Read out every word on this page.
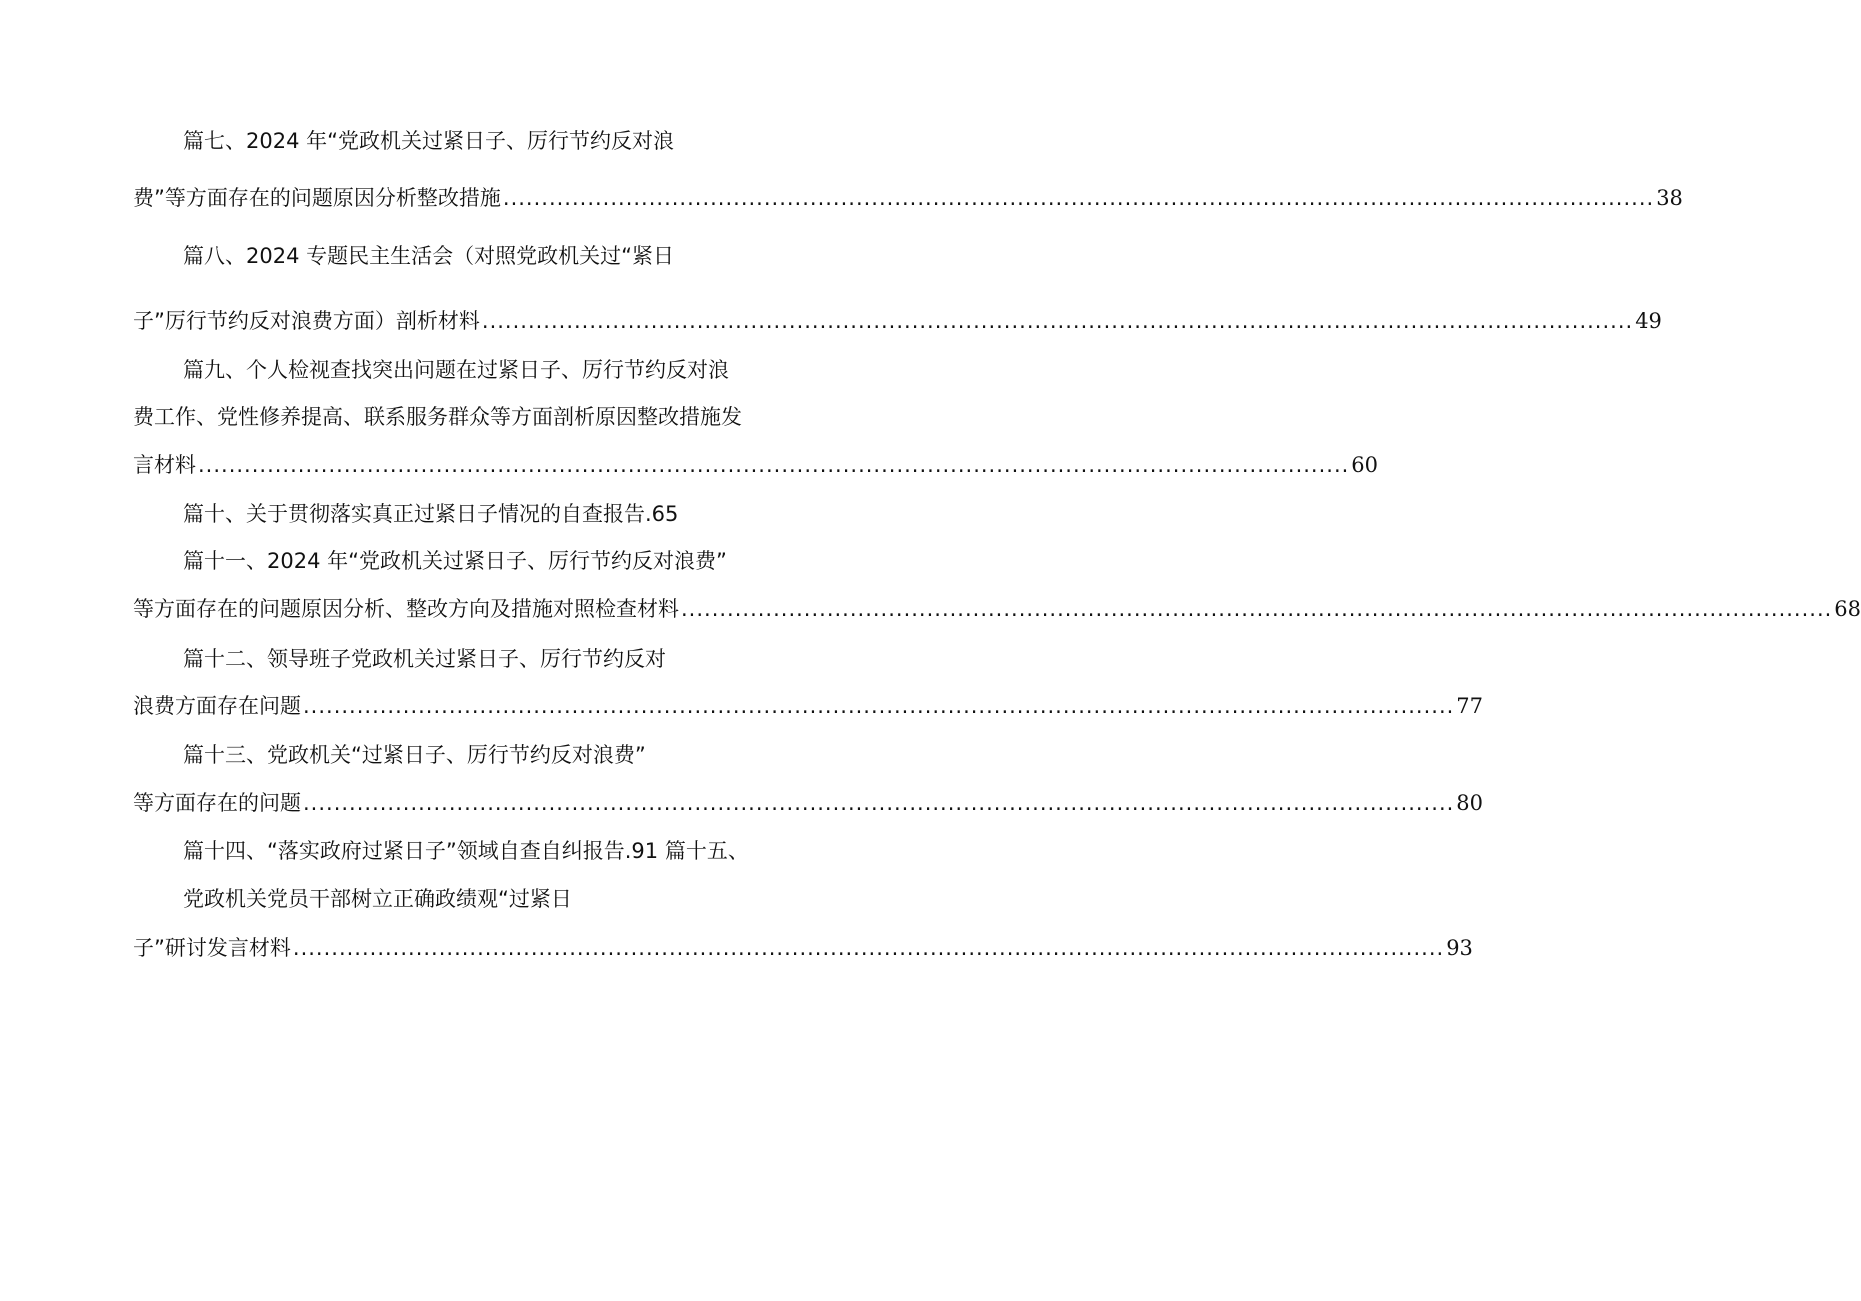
篇七、2024 年“党政机关过紧日子、厉行节约反对浪
费”等方面存在的问题原因分析整改措施 ...................................................................................................................................................... 38
篇八、2024 专题民主生活会（对照党政机关过“紧日
子”厉行节约反对浪费方面）剖析材料 ...................................................................................................................................................... 49
篇九、个人检视查找突出问题在过紧日子、厉行节约反对浪
费工作、党性修养提高、联系服务群众等方面剖析原因整改措施发
言材料 ...................................................................................................................................................... 60
篇十、关于贯彻落实真正过紧日子情况的自查报告.65
篇十一、2024 年“党政机关过紧日子、厉行节约反对浪费”
等方面存在的问题原因分析、整改方向及措施对照检查材料 ...................................................................................................................................................... 68
篇十二、领导班子党政机关过紧日子、厉行节约反对
浪费方面存在问题 ...................................................................................................................................................... 77
篇十三、党政机关“过紧日子、厉行节约反对浪费”
等方面存在的问题 ...................................................................................................................................................... 80
篇十四、“落实政府过紧日子”领域自查自纠报告.91 篇十五、
党政机关党员干部树立正确政绩观“过紧日
子”研讨发言材料 ...................................................................................................................................................... 93
